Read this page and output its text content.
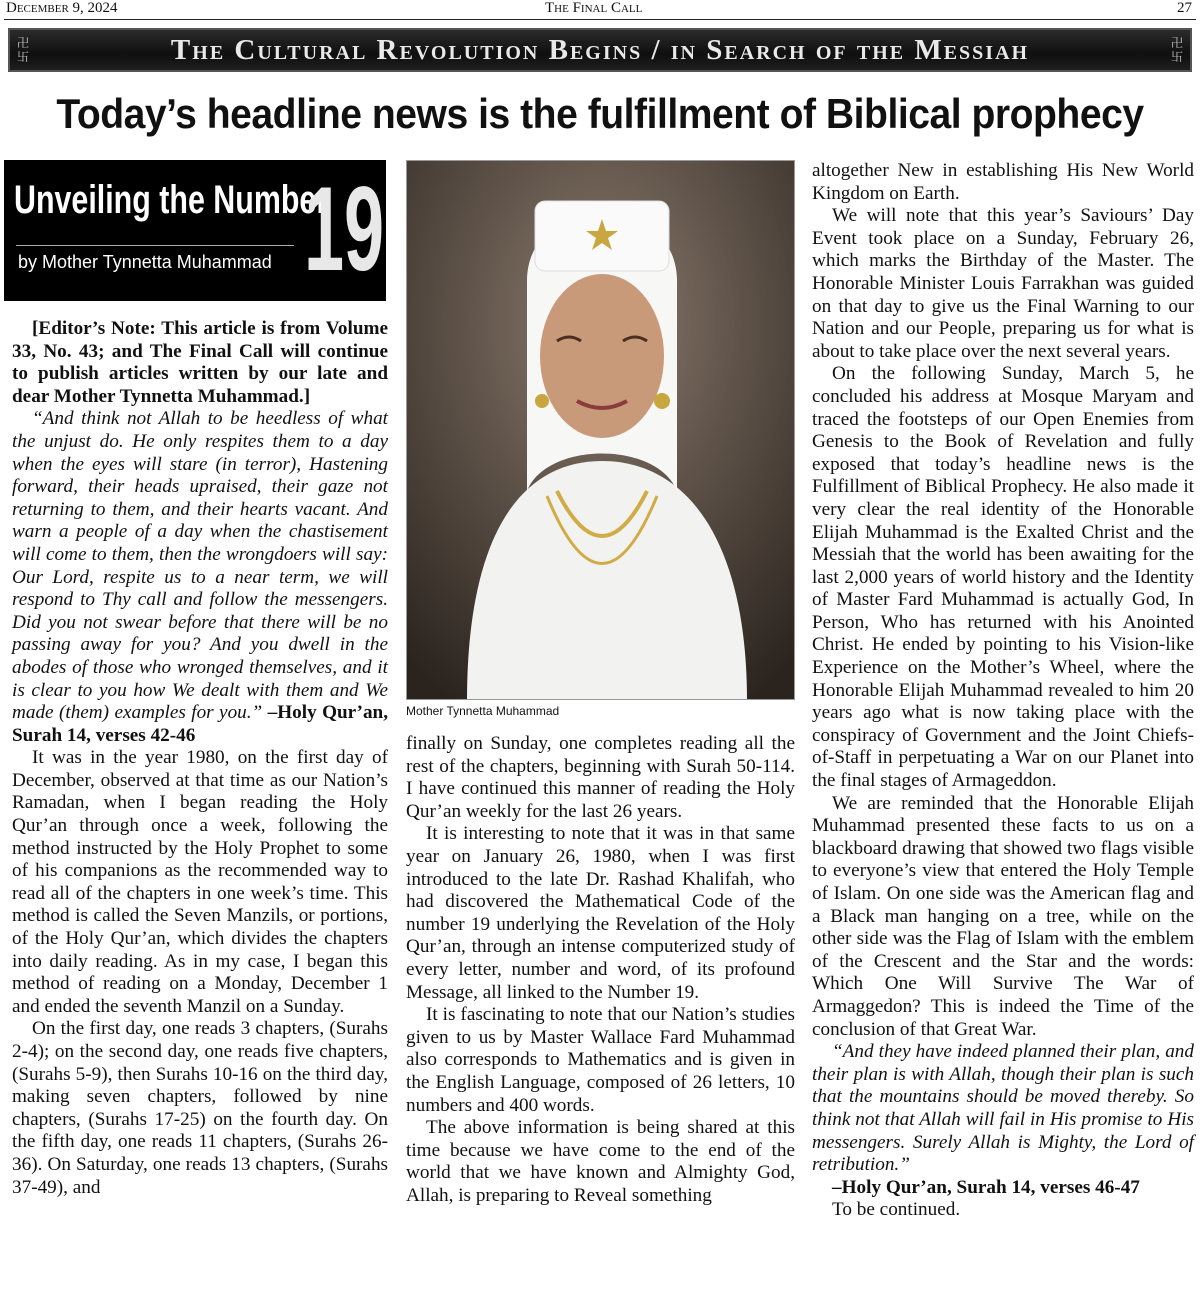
December 9, 2024	The Final Call	27
卍
卐	The Cultural Revolution Begins / in Search of the Messiah	卍
卐
Today’s headline news is the fulfillment of Biblical prophecy
Unveiling the Number
by Mother Tynnetta Muhammad 19

[Editor’s Note: This article is from Volume 33, No. 43; and The Final Call will continue to publish articles written by our late and dear Mother Tynnetta Muhammad.]

“And think not Allah to be heedless of what the unjust do. He only respites them to a day when the eyes will stare (in terror), Hastening forward, their heads upraised, their gaze not returning to them, and their hearts vacant. And warn a people of a day when the chastisement will come to them, then the wrongdoers will say: Our Lord, respite us to a near term, we will respond to Thy call and follow the messengers. Did you not swear before that there will be no passing away for you? And you dwell in the abodes of those who wronged themselves, and it is clear to you how We dealt with them and We made (them) examples for you.” –Holy Qur’an, Surah 14, verses 42-46

It was in the year 1980, on the first day of December, observed at that time as our Nation’s Ramadan, when I began reading the Holy Qur’an through once a week, following the method instructed by the Holy Prophet to some of his companions as the recommended way to read all of the chapters in one week’s time. This method is called the Seven Manzils, or portions, of the Holy Qur’an, which divides the chapters into daily reading. As in my case, I began this method of reading on a Monday, December 1 and ended the seventh Manzil on a Sunday.

On the first day, one reads 3 chapters, (Surahs 2-4); on the second day, one reads five chapters, (Surahs 5-9), then Surahs 10-16 on the third day, making seven chapters, followed by nine chapters, (Surahs 17-25) on the fourth day. On the fifth day, one reads 11 chapters, (Surahs 26-36). On Saturday, one reads 13 chapters, (Surahs 37-49), and

Mother Tynnetta Muhammad

finally on Sunday, one completes reading all the rest of the chapters, beginning with Surah 50-114. I have continued this manner of reading the Holy Qur’an weekly for the last 26 years.

It is interesting to note that it was in that same year on January 26, 1980, when I was first introduced to the late Dr. Rashad Khalifah, who had discovered the Mathematical Code of the number 19 underlying the Revelation of the Holy Qur’an, through an intense computerized study of every letter, number and word, of its profound Message, all linked to the Number 19.

It is fascinating to note that our Nation’s studies given to us by Master Wallace Fard Muhammad also corresponds to Mathematics and is given in the English Language, composed of 26 letters, 10 numbers and 400 words.

The above information is being shared at this time because we have come to the end of the world that we have known and Almighty God, Allah, is preparing to Reveal something

altogether New in establishing His New World Kingdom on Earth.

We will note that this year’s Saviours’ Day Event took place on a Sunday, February 26, which marks the Birthday of the Master. The Honorable Minister Louis Farrakhan was guided on that day to give us the Final Warning to our Nation and our People, preparing us for what is about to take place over the next several years.

On the following Sunday, March 5, he concluded his address at Mosque Maryam and traced the footsteps of our Open Enemies from Genesis to the Book of Revelation and fully exposed that today’s headline news is the Fulfillment of Biblical Prophecy. He also made it very clear the real identity of the Honorable Elijah Muhammad is the Exalted Christ and the Messiah that the world has been awaiting for the last 2,000 years of world history and the Identity of Master Fard Muhammad is actually God, In Person, Who has returned with his Anointed Christ. He ended by pointing to his Vision-like Experience on the Mother’s Wheel, where the Honorable Elijah Muhammad revealed to him 20 years ago what is now taking place with the conspiracy of Government and the Joint Chiefs-of-Staff in perpetuating a War on our Planet into the final stages of Armageddon.

We are reminded that the Honorable Elijah Muhammad presented these facts to us on a blackboard drawing that showed two flags visible to everyone’s view that entered the Holy Temple of Islam. On one side was the American flag and a Black man hanging on a tree, while on the other side was the Flag of Islam with the emblem of the Crescent and the Star and the words: Which One Will Survive The War of Armaggedon? This is indeed the Time of the conclusion of that Great War.

“And they have indeed planned their plan, and their plan is with Allah, though their plan is such that the mountains should be moved thereby. So think not that Allah will fail in His promise to His messengers. Surely Allah is Mighty, the Lord of retribution.”

–Holy Qur’an, Surah 14, verses 46-47

To be continued.
